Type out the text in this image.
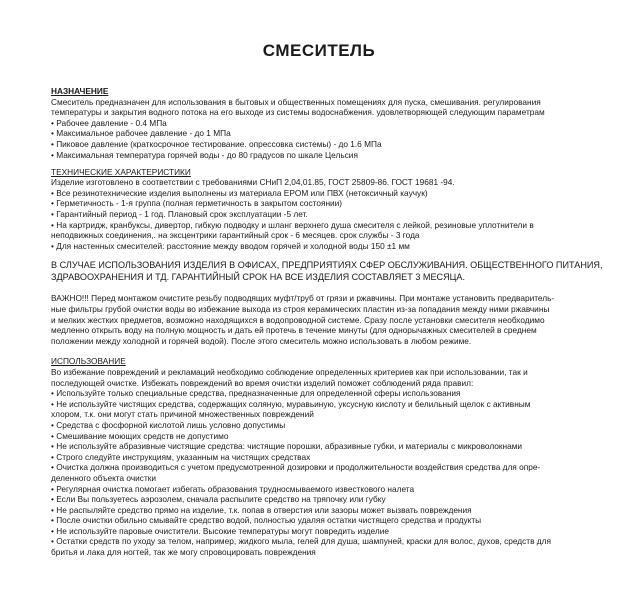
СМЕСИТЕЛЬ
НАЗНАЧЕНИЕ
Смеситель предназначен для использования в бытовых и общественных помещениях для пуска, смешивания. регулирования
температуры и закрытия водного потока на его выходе из системы водоснабжения. удовлетворяющей следующим параметрам
• Рабочее давление - 0.4 МПа
• Максимальное рабочее давление - до 1 МПа
• Пиковое давление (краткосрочное тестирование. опрессовка системы) - до 1.6 МПа
• Максимальная температура горячей воды - до 80 градусов по шкале Цельсия
ТЕХНИЧЕСКИЕ ХАРАКТЕРИСТИКИ
Изделие изготовлено в соответствии с требованиями СНиП 2,04,01.85, ГОСТ 25809-86. ГОСТ 19681 -94.
• Все резинотехнические изделия выполнены из материала EPOM или ПВХ (нетоксичный каучук)
• Герметичность - 1-я группа (полная герметичность в закрытом состоянии)
• Гарантийный период - 1 год. Плановый срок эксплуатации -5 лет.
• На картридж, кранбуксы, дивертор, гибкую подводку и шланг верхнего душа смесителя с лейкой, резиновые уплотнители в
неподвижных соединения,. на эксцентрики гарантийный срок - 6 месяцев. срок службы - 3 года
• Для настенных смесителей: расстояние между вводом горячей и холодной воды 150 ±1 мм
В СЛУЧАЕ ИСПОЛЬЗОВАНИЯ ИЗДЕЛИЯ В ОФИСАХ, ПРЕДПРИЯТИЯХ СФЕР ОБСЛУЖИВАНИЯ. ОБЩЕСТВЕННОГО ПИТАНИЯ,
ЗДРАВООХРАНЕНИЯ И ТД. ГАРАНТИЙНЫЙ СРОК НА ВСЕ ИЗДЕЛИЯ СОСТАВЛЯЕТ 3 МЕСЯЦА.
ВАЖНО!!! Перед монтажом очистите резьбу подводящих муфт/труб от грязи и ржавчины. При монтаже установить предваритель-
ные фильтры грубой очистки воды во избежание выхода из строя керамических пластин из-за попадания между ними ржавчины
и мелких жестких предметов, возможно находящихся в водопроводной системе. Сразу после установки смесителя необходимо
медленно открыть воду на полную мощность и дать ей протечь в течение минуты (для однорычажных смесителей в среднем
положении между холодной и горячей водой). После этого смеситель можно использовать в любом режиме.
ИСПОЛЬЗОВАНИЕ
Во избежание повреждений и рекламаций необходимо соблюдение определенных критериев как при использовании, так и
последующей очистке. Избежать повреждений во время очистки изделий поможет соблюдений ряда правил:
• Используйте только специальные средства, предназначенные для определенной сферы использования
• Не используйте чистящих средства, содержащих соляную, муравьиную, уксусную кислоту и белильный щелок с активным
хлором, т.к. они могут стать причиной множественных повреждений
• Средства с фосфорной кислотой лишь условно допустимы
• Смешивание моющих средств не допустимо
• Не используйте абразивные чистящие средства: чистящие порошки, абразивные губки, и материалы с микроволокнами
• Строго следуйте инструкциям, указанным на чистящих средствах
• Очистка должна производиться с учетом предусмотренной дозировки и продолжительности воздействия средства для опре-
деленного объекта очистки
• Регулярная очистка помогает избегать образования трудносмываемого известкового налета
• Если Вы пользуетесь аэрозолем, сначала распылите средство на тряпочку или губку
• Не распыляйте средство прямо на изделие, т.к. попав в отверстия или зазоры может вызвать повреждения
• После очистки обильно смывайте средство водой, полностью удаляя остатки чистящего средства и продукты
• Не используйте паровые очистители. Высокие температуры могут повредить изделие
• Остатки средств по уходу за телом, например, жидкого мыла, гелей для душа, шампуней, краски для волос, духов, средств для
бритья и лака для ногтей, так же могу спровоцировать повреждения
